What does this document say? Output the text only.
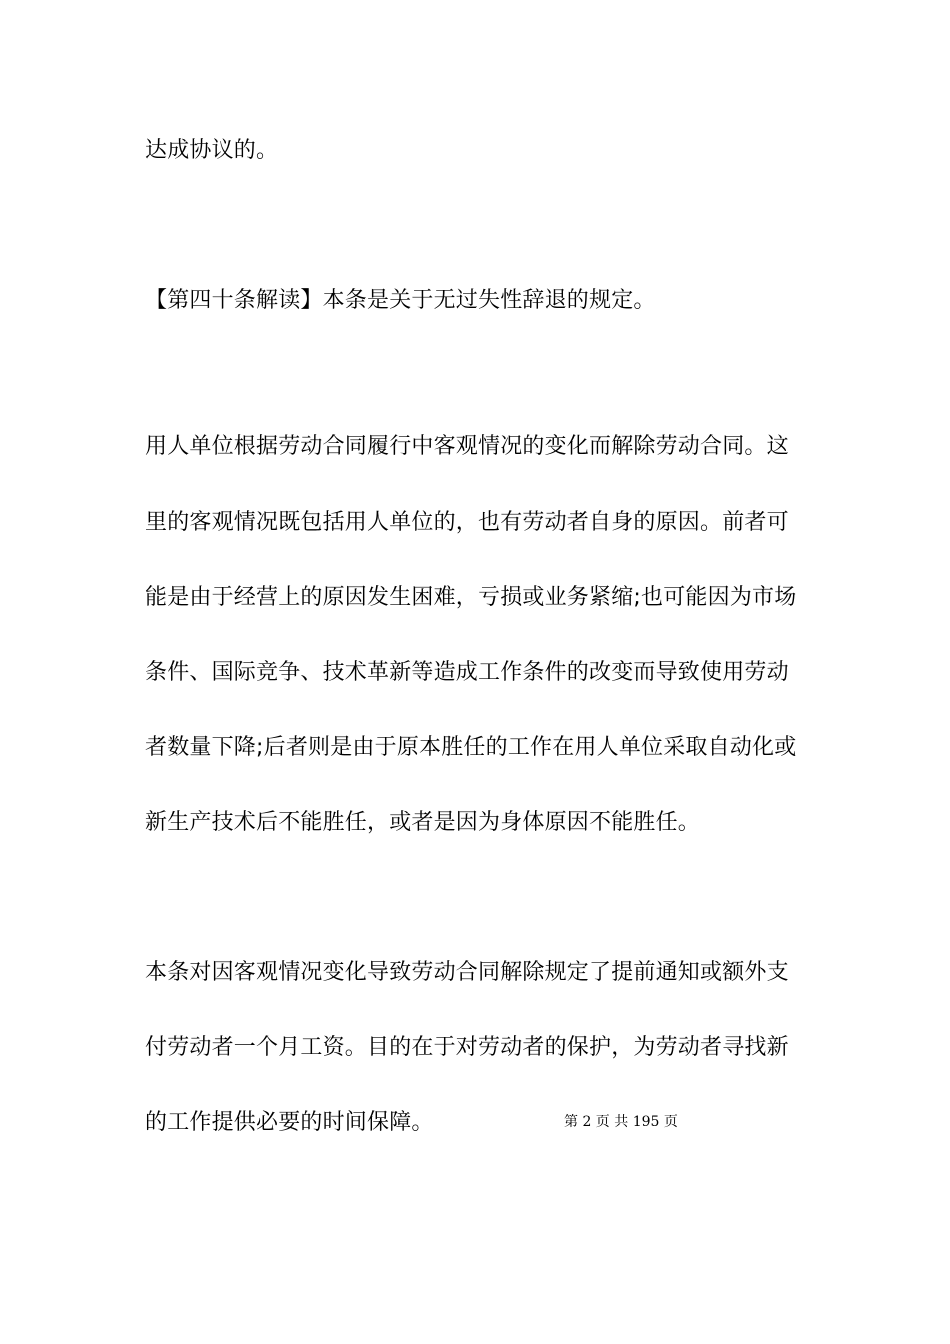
达成协议的。
【第四十条解读】本条是关于无过失性辞退的规定。
用人单位根据劳动合同履行中客观情况的变化而解除劳动合同。这
里的客观情况既包括用人单位的，也有劳动者自身的原因。前者可
能是由于经营上的原因发生困难，亏损或业务紧缩;也可能因为市场
条件、国际竞争、技术革新等造成工作条件的改变而导致使用劳动
者数量下降;后者则是由于原本胜任的工作在用人单位采取自动化或
新生产技术后不能胜任，或者是因为身体原因不能胜任。
本条对因客观情况变化导致劳动合同解除规定了提前通知或额外支
付劳动者一个月工资。目的在于对劳动者的保护，为劳动者寻找新
的工作提供必要的时间保障。	第 2 页 共 195 页
